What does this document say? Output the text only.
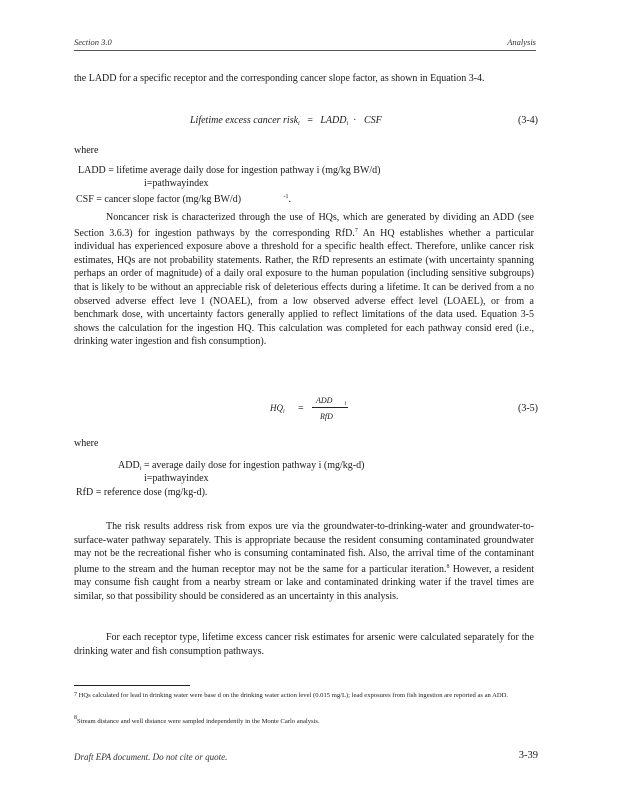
Section 3.0	Analysis

the LADD for a specific receptor and the corresponding cancer slope factor, as shown in Equation 3-4.

Lifetime excess cancer risk$_i$ = $LADD_i$ · CSF	(3-4)
where
LADD = lifetime average daily dose for ingestion pathway i (mg/kg BW/d)
i=pathwayindex
CSF = cancer slope factor (mg/kg BW/d)	$^{-1}$.

Noncancer risk is characterized through the use of HQs, which are generated by dividing an ADD (see Section 3.6.3) for ingestion pathways by the corresponding RfD.$^7$ An HQ establishes whether a particular individual has experienced exposure above a threshold for a specific health effect. Therefore, unlike cancer risk estimates, HQs are not probability statements. Rather, the RfD represents an estimate (with uncertainty spanning perhaps an order of magnitude) of a daily oral exposure to the human population (including sensitive subgroups) that is likely to be without an appreciable risk of deleterious effects during a lifetime. It can be derived from a no observed adverse effect leve l (NOAEL), from a low observed adverse effect level (LOAEL), or from a benchmark dose, with uncertainty factors generally applied to reflect limitations of the data used. Equation 3-5 shows the calculation for the ingestion HQ. This calculation was completed for each pathway consid ered (i.e., drinking water ingestion and fish consumption).

$HQ_i$ =
ADD $_i$
RfD
(3-5)
where
$ADD_i$ = average daily dose for ingestion pathway i (mg/kg-d)
i=pathwayindex
RfD = reference dose (mg/kg-d).

The risk results address risk from expos ure via the groundwater-to-drinking-water and groundwater-to-surface-water pathway separately. This is appropriate because the resident consuming contaminated groundwater may not be the recreational fisher who is consuming contaminated fish. Also, the arrival time of the contaminant plume to the stream and the human receptor may not be the same for a particular iteration.$^8$ However, a resident may consume fish caught from a nearby stream or lake and contaminated drinking water if the travel times are similar, so that possibility should be considered as an uncertainty in this analysis.

For each receptor type, lifetime excess cancer risk estimates for arsenic were calculated separately for the drinking water and fish consumption pathways.

7 HQs calculated for lead in drinking water were base d on the drinking water action level (0.015 mg/L); lead exposures from fish ingestion are reported as an ADD.
8Stream distance and well distance were sampled independently in the Monte Carlo analysis.
Draft EPA document. Do not cite or quote.	3-39
